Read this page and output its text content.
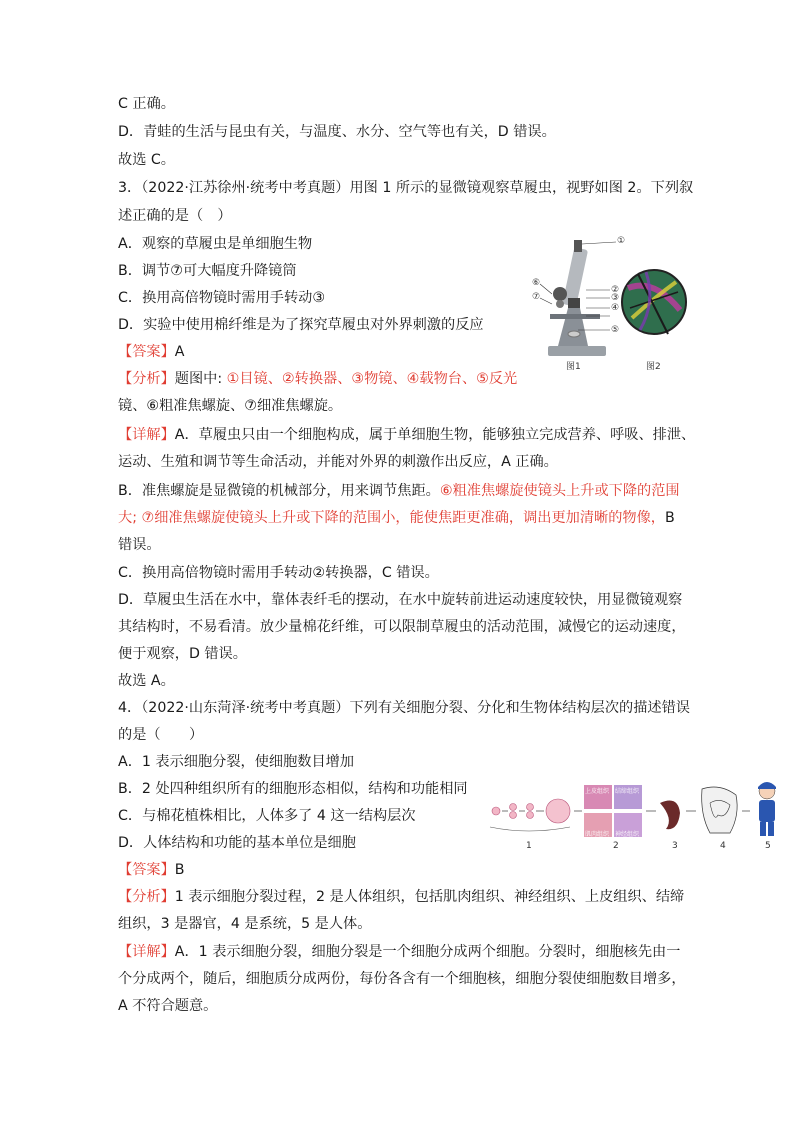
C 正确。
D．青蛙的生活与昆虫有关，与温度、水分、空气等也有关，D 错误。
故选 C。
3．（2022·江苏徐州·统考中考真题）用图 1 所示的显微镜观察草履虫，视野如图 2。下列叙
述正确的是（　）
A．观察的草履虫是单细胞生物
B．调节⑦可大幅度升降镜筒
C．换用高倍物镜时需用手转动③
D．实验中使用棉纤维是为了探究草履虫对外界刺激的反应
【答案】A
【分析】题图中: ①目镜、②转换器、③物镜、④载物台、⑤反光
镜、⑥粗准焦螺旋、⑦细准焦螺旋。
【详解】A．草履虫只由一个细胞构成，属于单细胞生物，能够独立完成营养、呼吸、排泄、
运动、生殖和调节等生命活动，并能对外界的刺激作出反应，A 正确。
B．准焦螺旋是显微镜的机械部分，用来调节焦距。⑥粗准焦螺旋使镜头上升或下降的范围
大; ⑦细准焦螺旋使镜头上升或下降的范围小，能使焦距更准确，调出更加清晰的物像，B
错误。
C．换用高倍物镜时需用手转动②转换器，C 错误。
D．草履虫生活在水中，靠体表纤毛的摆动，在水中旋转前进运动速度较快，用显微镜观察
其结构时，不易看清。放少量棉花纤维，可以限制草履虫的活动范围，减慢它的运动速度，
便于观察，D 错误。
故选 A。
4．（2022·山东菏泽·统考中考真题）下列有关细胞分裂、分化和生物体结构层次的描述错误
的是（　　）
A．1 表示细胞分裂，使细胞数目增加
B．2 处四种组织所有的细胞形态相似，结构和功能相同
C．与棉花植株相比，人体多了 4 这一结构层次
D．人体结构和功能的基本单位是细胞
【答案】B
【分析】1 表示细胞分裂过程，2 是人体组织，包括肌肉组织、神经组织、上皮组织、结缔
组织，3 是器官，4 是系统，5 是人体。
【详解】A．1 表示细胞分裂，细胞分裂是一个细胞分成两个细胞。分裂时，细胞核先由一
个分成两个，随后，细胞质分成两份，每份各含有一个细胞核，细胞分裂使细胞数目增多，
A 不符合题意。
①
②
③
④
⑤
⑥
⑦
图1	图2
上皮组织 结缔组织
肌肉组织 神经组织
1	2	3	4	5
